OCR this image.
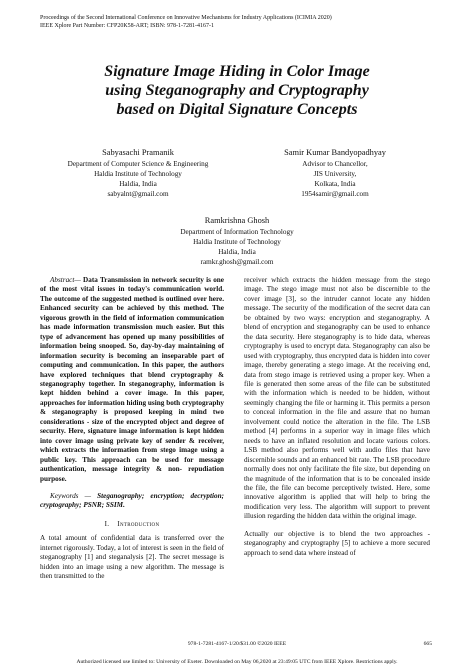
Proceedings of the Second International Conference on Innovative Mechanisms for Industry Applications (ICIMIA 2020)
IEEE Xplore Part Number: CFP20K58-ART; ISBN: 978-1-7281-4167-1
Signature Image Hiding in Color Image
using Steganography and Cryptography
based on Digital Signature Concepts
Sabyasachi Pramanik
Department of Computer Science & Engineering
Haldia Institute of Technology
Haldia, India
sabyalnt@gmail.com
Samir Kumar Bandyopadhyay
Advisor to Chancellor,
JIS University,
Kolkata, India
1954samir@gmail.com
Ramkrishna Ghosh
Department of Information Technology
Haldia Institute of Technology
Haldia, India
ramkr.ghosh@gmail.com

Abstract— Data Transmission in network security is one of the most vital issues in today's communication world. The outcome of the suggested method is outlined over here. Enhanced security can be achieved by this method. The vigorous growth in the field of information communication has made information transmission much easier. But this type of advancement has opened up many possibilities of information being snooped. So, day-by-day maintaining of information security is becoming an inseparable part of computing and communication. In this paper, the authors have explored techniques that blend cryptography & steganography together. In steganography, information is kept hidden behind a cover image. In this paper, approaches for information hiding using both cryptography & steganography is proposed keeping in mind two considerations - size of the encrypted object and degree of security. Here, signature image information is kept hidden into cover image using private key of sender & receiver, which extracts the information from stego image using a public key. This approach can be used for message authentication, message integrity & non- repudiation purpose.

Keywords — Steganography; encryption; decryption; cryptography; PSNR; SSIM.

I. Introduction

A total amount of confidential data is transferred over the internet rigorously. Today, a lot of interest is seen in the field of steganography [1] and steganalysis [2]. The secret message is hidden into an image using a new algorithm. The message is then transmitted to the

receiver which extracts the hidden message from the stego image. The stego image must not also be discernible to the cover image [3], so the intruder cannot locate any hidden message. The security of the modification of the secret data can be obtained by two ways: encryption and steganography. A blend of encryption and steganography can be used to enhance the data security. Here steganography is to hide data, whereas cryptography is used to encrypt data. Steganography can also be used with cryptography, thus encrypted data is hidden into cover image, thereby generating a stego image. At the receiving end, data from stego image is retrieved using a proper key. When a file is generated then some areas of the file can be substituted with the information which is needed to be hidden, without seemingly changing the file or harming it. This permits a person to conceal information in the file and assure that no human involvement could notice the alteration in the file. The LSB method [4] performs in a superior way in image files which needs to have an inflated resolution and locate various colors. LSB method also performs well with audio files that have discernible sounds and an enhanced bit rate. The LSB procedure normally does not only facilitate the file size, but depending on the magnitude of the information that is to be concealed inside the file, the file can become perceptively twisted. Here, some innovative algorithm is applied that will help to bring the modification very less. The algorithm will support to prevent illusion regarding the hidden data within the original image.

Actually our objective is to blend the two approaches - steganography and cryptography [5] to achieve a more secured approach to send data where instead of

978-1-7281-4167-1/20/$31.00 ©2020 IEEE	665
Authorized licensed use limited to: University of Exeter. Downloaded on May 06,2020 at 23:49:05 UTC from IEEE Xplore. Restrictions apply.
